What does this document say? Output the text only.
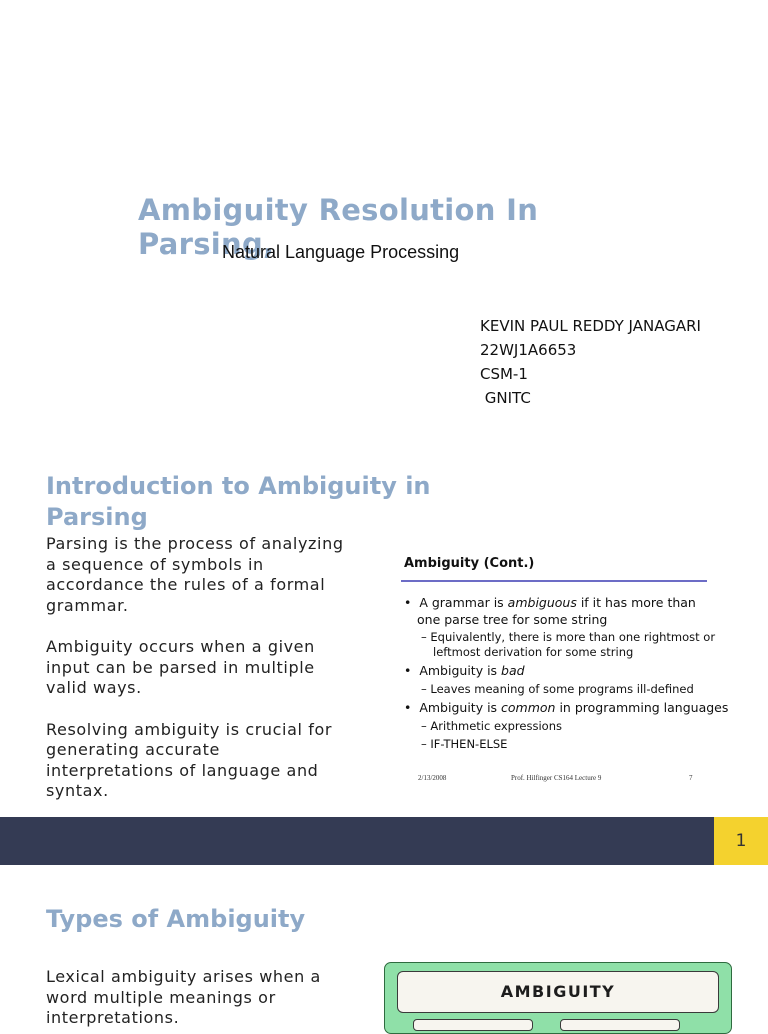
Ambiguity Resolution In Parsing,
Natural Language Processing
KEVIN PAUL REDDY JANAGARI
22WJ1A6653
CSM-1
GNITC
Introduction to Ambiguity in Parsing

Parsing is the process of analyzing a sequence of symbols in accordance the rules of a formal grammar.

Ambiguity occurs when a given input can be parsed in multiple valid ways.

Resolving ambiguity is crucial for generating accurate interpretations of language and syntax.

Ambiguity (Cont.)
•  A grammar is ambiguous if it has more than
one parse tree for some string
– Equivalently, there is more than one rightmost or
leftmost derivation for some string
•  Ambiguity is bad
– Leaves meaning of some programs ill-defined
•  Ambiguity is common in programming languages
– Arithmetic expressions
– IF-THEN-ELSE
2/13/2008	Prof. Hilfinger CS164 Lecture 9	7
1
Types of Ambiguity
Lexical ambiguity arises when a word multiple meanings or interpretations.
AMBIGUITY
